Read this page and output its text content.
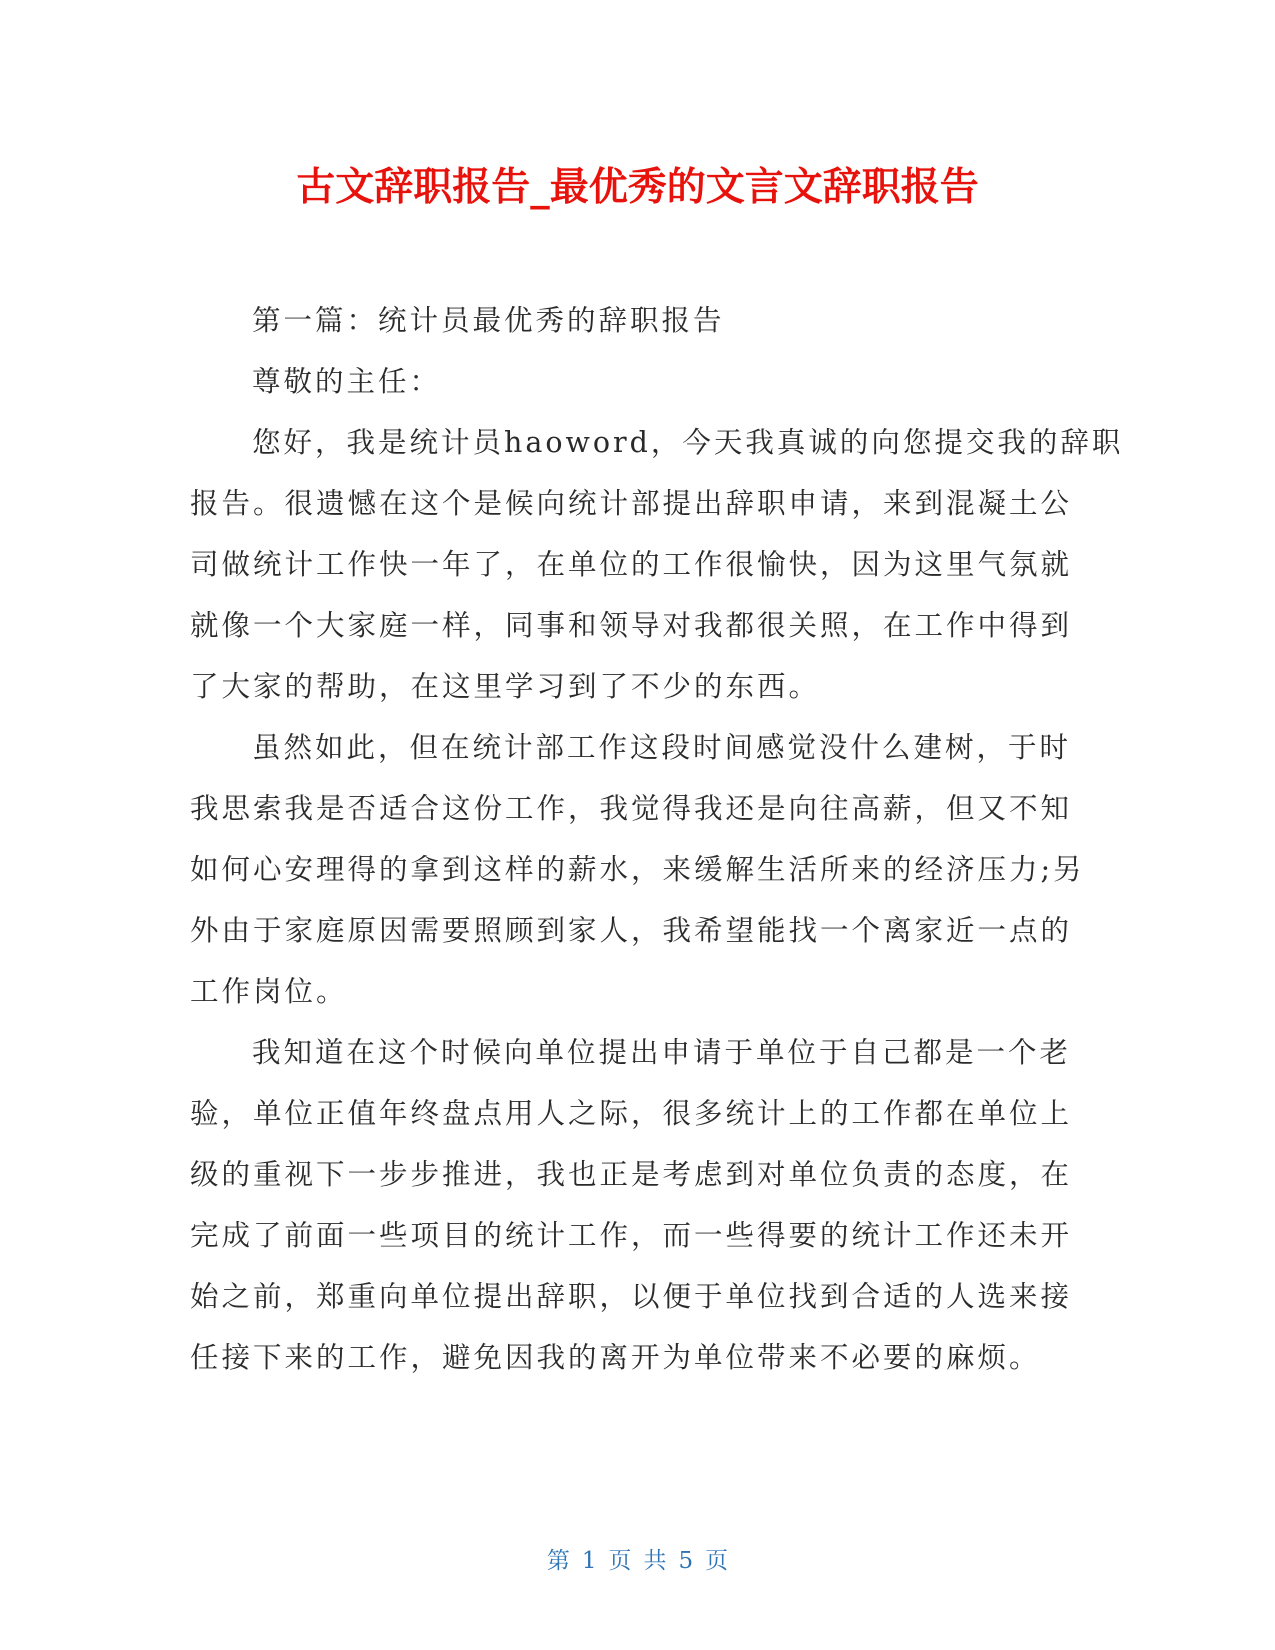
古文辞职报告_最优秀的文言文辞职报告
第一篇：统计员最优秀的辞职报告
尊敬的主任：
您好，我是统计员haoword，今天我真诚的向您提交我的辞职
报告。很遗憾在这个是候向统计部提出辞职申请，来到混凝土公
司做统计工作快一年了，在单位的工作很愉快，因为这里气氛就
就像一个大家庭一样，同事和领导对我都很关照，在工作中得到
了大家的帮助，在这里学习到了不少的东西。
虽然如此，但在统计部工作这段时间感觉没什么建树，于时
我思索我是否适合这份工作，我觉得我还是向往高薪，但又不知
如何心安理得的拿到这样的薪水，来缓解生活所来的经济压力;另
外由于家庭原因需要照顾到家人，我希望能找一个离家近一点的
工作岗位。
我知道在这个时候向单位提出申请于单位于自己都是一个老
验，单位正值年终盘点用人之际，很多统计上的工作都在单位上
级的重视下一步步推进，我也正是考虑到对单位负责的态度，在
完成了前面一些项目的统计工作，而一些得要的统计工作还未开
始之前，郑重向单位提出辞职，以便于单位找到合适的人选来接
任接下来的工作，避免因我的离开为单位带来不必要的麻烦。
第 1 页 共 5 页
